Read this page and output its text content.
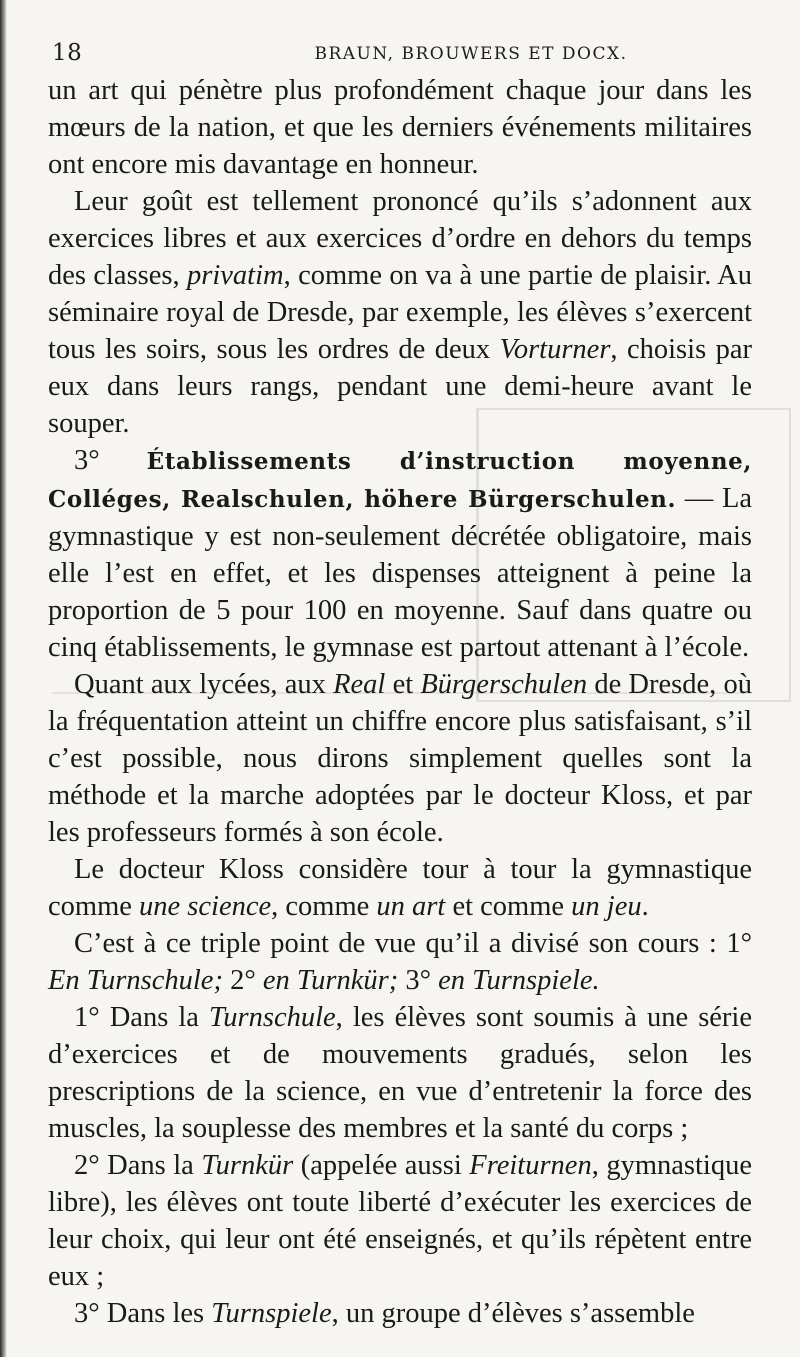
18	BRAUN, BROUWERS ET DOCX.

un art qui pénètre plus profondément chaque jour dans les mœurs de la nation, et que les derniers événements militaires ont encore mis davantage en honneur.

Leur goût est tellement prononcé qu’ils s’adonnent aux exercices libres et aux exercices d’ordre en dehors du temps des classes, privatim, comme on va à une partie de plaisir. Au séminaire royal de Dresde, par exemple, les élèves s’exercent tous les soirs, sous les ordres de deux Vorturner, choisis par eux dans leurs rangs, pendant une demi-heure avant le souper.

3° Établissements d’instruction moyenne, Colléges, Realschulen, höhere Bürgerschulen. — La gymnastique y est non-seulement décrétée obligatoire, mais elle l’est en effet, et les dispenses atteignent à peine la proportion de 5 pour 100 en moyenne. Sauf dans quatre ou cinq établissements, le gymnase est partout attenant à l’école.

Quant aux lycées, aux Real et Bürgerschulen de Dresde, où la fréquentation atteint un chiffre encore plus satisfaisant, s’il c’est possible, nous dirons simplement quelles sont la méthode et la marche adoptées par le docteur Kloss, et par les professeurs formés à son école.

Le docteur Kloss considère tour à tour la gymnastique comme une science, comme un art et comme un jeu.

C’est à ce triple point de vue qu’il a divisé son cours : 1° En Turnschule; 2° en Turnkür; 3° en Turnspiele.

1° Dans la Turnschule, les élèves sont soumis à une série d’exercices et de mouvements gradués, selon les prescriptions de la science, en vue d’entretenir la force des muscles, la souplesse des membres et la santé du corps ;

2° Dans la Turnkür (appelée aussi Freiturnen, gymnastique libre), les élèves ont toute liberté d’exécuter les exercices de leur choix, qui leur ont été enseignés, et qu’ils répètent entre eux ;

3° Dans les Turnspiele, un groupe d’élèves s’assemble
